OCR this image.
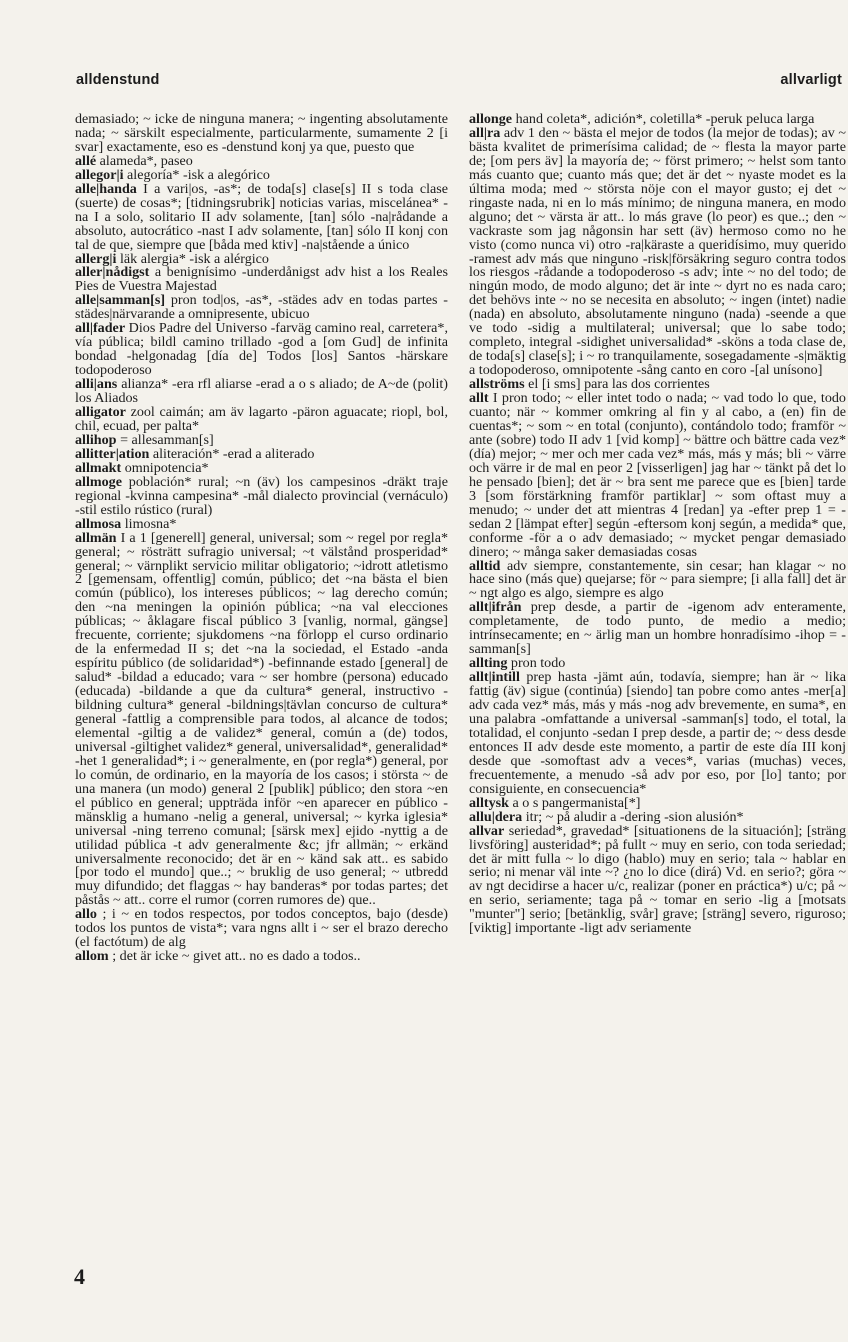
alldenstund	allvarligt

demasiado; ~ icke de ninguna manera; ~ ingenting absolutamente nada; ~ särskilt especialmente, particularmente, sumamente 2 [i svar] exactamente, eso es -denstund konj ya que, puesto que

allé alameda*, paseo

allegor|i alegoría* -isk a alegórico

alle|handa I a vari|os, -as*; de toda[s] clase[s] II s toda clase (suerte) de cosas*; [tidningsrubrik] noticias varias, miscelánea* -na I a solo, solitario II adv solamente, [tan] sólo -na|rådande a absoluto, autocrático -nast I adv solamente, [tan] sólo II konj con tal de que, siempre que [båda med ktiv] -na|stående a único

allerg|i läk alergia* -isk a alérgico

aller|nådigst a benignísimo -underdånigst adv hist a los Reales Pies de Vuestra Majestad

alle|samman[s] pron tod|os, -as*, -städes adv en todas partes -städes|närvarande a omnipresente, ubicuo

all|fader Dios Padre del Universo -farväg camino real, carretera*, vía pública; bildl camino trillado -god a [om Gud] de infinita bondad -helgonadag [día de] Todos [los] Santos -härskare todopoderoso

alli|ans alianza* -era rfl aliarse -erad a o s aliado; de A~de (polit) los Aliados

alligator zool caimán; am äv lagarto -päron aguacate; riopl, bol, chil, ecuad, per palta*

allihop = allesamman[s]

allitter|ation aliteración* -erad a aliterado

allmakt omnipotencia*

allmoge población* rural; ~n (äv) los campesinos -dräkt traje regional -kvinna campesina* -mål dialecto provincial (vernáculo) -stil estilo rústico (rural)

allmosa limosna*

allmän I a 1 [generell] general, universal; som ~ regel por regla* general; ~ rösträtt sufragio universal; ~t välstånd prosperidad* general; ~ värnplikt servicio militar obligatorio; ~idrott atletismo 2 [gemensam, offentlig] común, público; det ~na bästa el bien común (público), los intereses públicos; ~ lag derecho común; den ~na meningen la opinión pública; ~na val elecciones públicas; ~ åklagare fiscal público 3 [vanlig, normal, gängse] frecuente, corriente; sjukdomens ~na förlopp el curso ordinario de la enfermedad II s; det ~na la sociedad, el Estado -anda espíritu público (de solidaridad*) -befinnande estado [general] de salud* -bildad a educado; vara ~ ser hombre (persona) educado (educada) -bildande a que da cultura* general, instructivo -bildning cultura* general -bildnings|tävlan concurso de cultura* general -fattlig a comprensible para todos, al alcance de todos; elemental -giltig a de validez* general, común a (de) todos, universal -giltighet validez* general, universalidad*, generalidad* -het 1 generalidad*; i ~ generalmente, en (por regla*) general, por lo común, de ordinario, en la mayoría de los casos; i största ~ de una manera (un modo) general 2 [publik] público; den stora ~en el público en general; uppträda inför ~en aparecer en público -mänsklig a humano -nelig a general, universal; ~ kyrka iglesia* universal -ning terreno comunal; [särsk mex] ejido -nyttig a de utilidad pública -t adv generalmente &c; jfr allmän; ~ erkänd universalmente reconocido; det är en ~ känd sak att.. es sabido [por todo el mundo] que..; ~ bruklig de uso general; ~ utbredd muy difundido; det flaggas ~ hay banderas* por todas partes; det påstås ~ att.. corre el rumor (corren rumores de) que..

allo ; i ~ en todos respectos, por todos conceptos, bajo (desde) todos los puntos de vista*; vara ngns allt i ~ ser el brazo derecho (el factótum) de alg

allom ; det är icke ~ givet att.. no es dado a todos..

allonge hand coleta*, adición*, coletilla* -peruk peluca larga

all|ra adv 1 den ~ bästa el mejor de todos (la mejor de todas); av ~ bästa kvalitet de primerísima calidad; de ~ flesta la mayor parte de; [om pers äv] la mayoría de; ~ först primero; ~ helst som tanto más cuanto que; cuanto más que; det är det ~ nyaste modet es la última moda; med ~ största nöje con el mayor gusto; ej det ~ ringaste nada, ni en lo más mínimo; de ninguna manera, en modo alguno; det ~ värsta är att.. lo más grave (lo peor) es que..; den ~ vackraste som jag någonsin har sett (äv) hermoso como no he visto (como nunca vi) otro -ra|käraste a queridísimo, muy querido -ramest adv más que ninguno -risk|försäkring seguro contra todos los riesgos -rådande a todopoderoso -s adv; inte ~ no del todo; de ningún modo, de modo alguno; det är inte ~ dyrt no es nada caro; det behövs inte ~ no se necesita en absoluto; ~ ingen (intet) nadie (nada) en absoluto, absolutamente ninguno (nada) -seende a que ve todo -sidig a multilateral; universal; que lo sabe todo; completo, integral -sidighet universalidad* -sköns a toda clase de, de toda[s] clase[s]; i ~ ro tranquilamente, sosegadamente -s|mäktig a todopoderoso, omnipotente -sång canto en coro -[al unísono]

allströms el [i sms] para las dos corrientes

allt I pron todo; ~ eller intet todo o nada; ~ vad todo lo que, todo cuanto; när ~ kommer omkring al fin y al cabo, a (en) fin de cuentas*; ~ som ~ en total (conjunto), contándolo todo; framför ~ ante (sobre) todo II adv 1 [vid komp] ~ bättre och bättre cada vez* (día) mejor; ~ mer och mer cada vez* más, más y más; bli ~ värre och värre ir de mal en peor 2 [visserligen] jag har ~ tänkt på det lo he pensado [bien]; det är ~ bra sent me parece que es [bien] tarde 3 [som förstärkning framför partiklar] ~ som oftast muy a menudo; ~ under det att mientras 4 [redan] ya -efter prep 1 = -sedan 2 [lämpat efter] según -eftersom konj según, a medida* que, conforme -för a o adv demasiado; ~ mycket pengar demasiado dinero; ~ många saker demasiadas cosas

alltid adv siempre, constantemente, sin cesar; han klagar ~ no hace sino (más que) quejarse; för ~ para siempre; [i alla fall] det är ~ ngt algo es algo, siempre es algo

allt|ifrån prep desde, a partir de -igenom adv enteramente, completamente, de todo punto, de medio a medio; intrínsecamente; en ~ ärlig man un hombre honradísimo -ihop = -samman[s]

allting pron todo

allt|intill prep hasta -jämt aún, todavía, siempre; han är ~ lika fattig (äv) sigue (continúa) [siendo] tan pobre como antes -mer[a] adv cada vez* más, más y más -nog adv brevemente, en suma*, en una palabra -omfattande a universal -samman[s] todo, el total, la totalidad, el conjunto -sedan I prep desde, a partir de; ~ dess desde entonces II adv desde este momento, a partir de este día III konj desde que -somoftast adv a veces*, varias (muchas) veces, frecuentemente, a menudo -så adv por eso, por [lo] tanto; por consiguiente, en consecuencia*

alltysk a o s pangermanista[*]

allu|dera itr; ~ på aludir a -dering -sion alusión*

allvar seriedad*, gravedad* [situationens de la situación]; [sträng livsföring] austeridad*; på fullt ~ muy en serio, con toda seriedad; det är mitt fulla ~ lo digo (hablo) muy en serio; tala ~ hablar en serio; ni menar väl inte ~? ¿no lo dice (dirá) Vd. en serio?; göra ~ av ngt decidirse a hacer u/c, realizar (poner en práctica*) u/c; på ~ en serio, seriamente; taga på ~ tomar en serio -lig a [motsats "munter"] serio; [betänklig, svår] grave; [sträng] severo, riguroso; [viktig] importante -ligt adv seriamente

4
